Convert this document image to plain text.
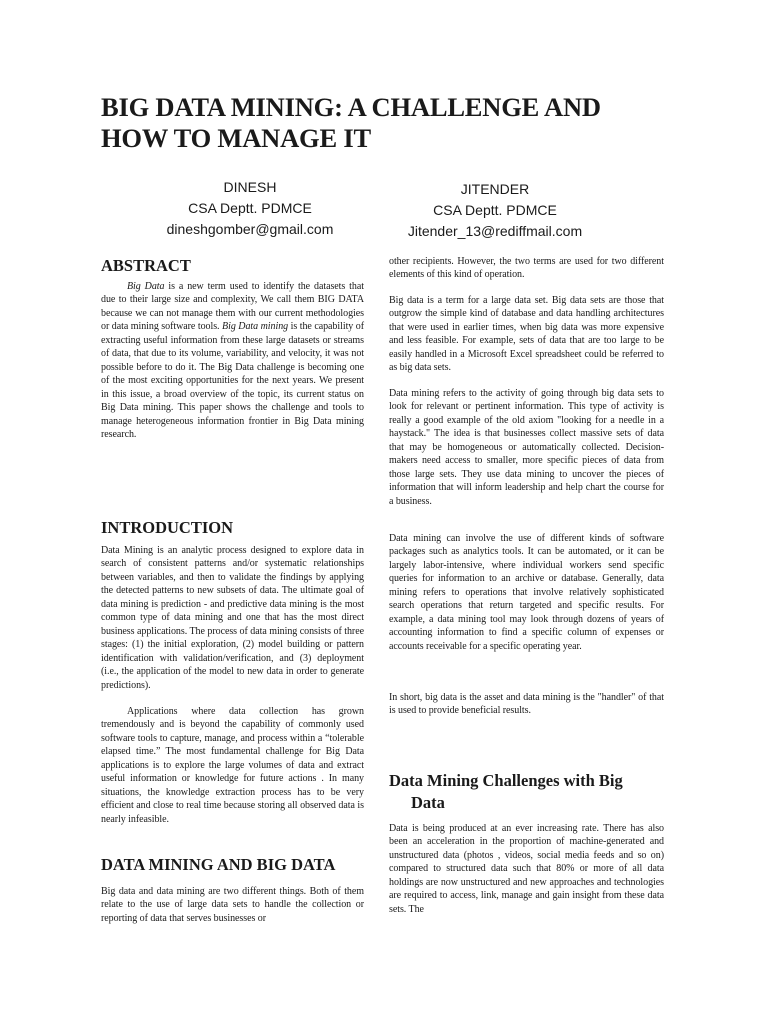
BIG DATA MINING: A CHALLENGE AND
HOW TO MANAGE IT
DINESH
CSA Deptt. PDMCE
dineshgomber@gmail.com
JITENDER
CSA Deptt. PDMCE
Jitender_13@rediffmail.com
ABSTRACT

Big Data is a new term used to identify the datasets that due to their large size and complexity, We call them BIG DATA because we can not manage them with our current methodologies or data mining software tools. Big Data mining is the capability of extracting useful information from these large datasets or streams of data, that due to its volume, variability, and velocity, it was not possible before to do it. The Big Data challenge is becoming one of the most exciting opportunities for the next years. We present in this issue, a broad overview of the topic, its current status on Big Data mining. This paper shows the challenge and tools to manage heterogeneous information frontier in Big Data mining research.

INTRODUCTION

Data Mining is an analytic process designed to explore data in search of consistent patterns and/or systematic relationships between variables, and then to validate the findings by applying the detected patterns to new subsets of data. The ultimate goal of data mining is prediction - and predictive data mining is the most common type of data mining and one that has the most direct business applications. The process of data mining consists of three stages: (1) the initial exploration, (2) model building or pattern identification with validation/verification, and (3) deployment (i.e., the application of the model to new data in order to generate predictions).

Applications where data collection has grown tremendously and is beyond the capability of commonly used software tools to capture, manage, and process within a “tolerable elapsed time.” The most fundamental challenge for Big Data applications is to explore the large volumes of data and extract useful information or knowledge for future actions . In many situations, the knowledge extraction process has to be very efficient and close to real time because storing all observed data is nearly infeasible.

DATA MINING AND BIG DATA

Big data and data mining are two different things. Both of them relate to the use of large data sets to handle the collection or reporting of data that serves businesses or

other recipients. However, the two terms are used for two different elements of this kind of operation.

Big data is a term for a large data set. Big data sets are those that outgrow the simple kind of database and data handling architectures that were used in earlier times, when big data was more expensive and less feasible. For example, sets of data that are too large to be easily handled in a Microsoft Excel spreadsheet could be referred to as big data sets.

Data mining refers to the activity of going through big data sets to look for relevant or pertinent information. This type of activity is really a good example of the old axiom "looking for a needle in a haystack." The idea is that businesses collect massive sets of data that may be homogeneous or automatically collected. Decision-makers need access to smaller, more specific pieces of data from those large sets. They use data mining to uncover the pieces of information that will inform leadership and help chart the course for a business.

Data mining can involve the use of different kinds of software packages such as analytics tools. It can be automated, or it can be largely labor-intensive, where individual workers send specific queries for information to an archive or database. Generally, data mining refers to operations that involve relatively sophisticated search operations that return targeted and specific results. For example, a data mining tool may look through dozens of years of accounting information to find a specific column of expenses or accounts receivable for a specific operating year.

In short, big data is the asset and data mining is the "handler" of that is used to provide beneficial results.

Data Mining Challenges with Big
Data

Data is being produced at an ever increasing rate. There has also been an acceleration in the proportion of machine-generated and unstructured data (photos , videos, social media feeds and so on) compared to structured data such that 80% or more of all data holdings are now unstructured and new approaches and technologies are required to access, link, manage and gain insight from these data sets. The
